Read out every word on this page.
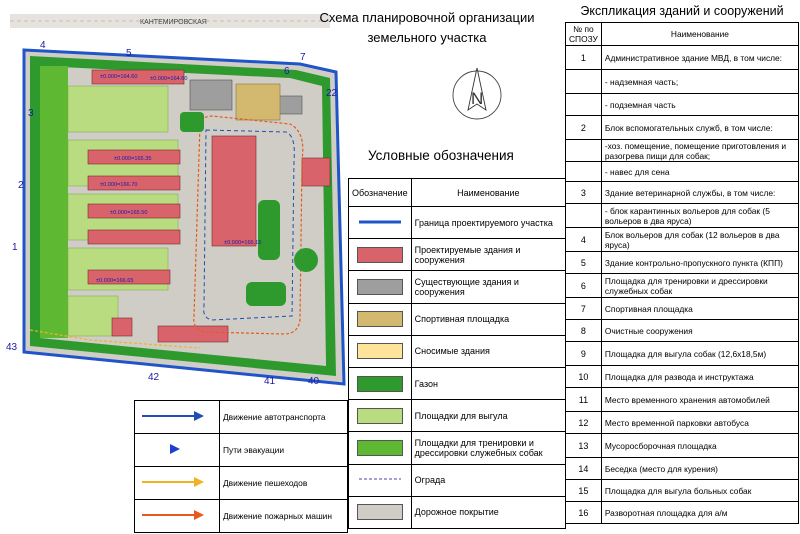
КАНТЕМИРОВСКАЯ
±0.000=164.60
±0.000=164.60
±0.000=165.35
±0.000=165.50
±0.000=166.15
±0.000=166.65
±0.000=166.70
1
2
3
4
5
6
7
22
40
41
42
43
N
Схема планировочной организации
земельного участка
Условные обозначения
Обозначение	Наименование
	Граница проектируемого участка
	Проектируемые здания и сооружения
	Существующие здания и сооружения
	Спортивная площадка
	Сносимые здания
	Газон
	Площадки для выгула
	Площадки для тренировки и дрессировки служебных собак
	Ограда
	Дорожное покрытие
	Движение автотранспорта
	Пути эвакуации
	Движение пешеходов
	Движение пожарных машин
Экспликация зданий и сооружений
№ по СПОЗУ	Наименование
1	Административное здание МВД, в том числе:
	- надземная часть;
	- подземная часть
2	Блок вспомогательных служб, в том числе:
	-хоз. помещение, помещение приготовления и разогрева пищи для собак;
	- навес для сена
3	Здание ветеринарной службы, в том числе:
	- блок карантинных вольеров для собак (5 вольеров в два яруса)
4	Блок вольеров для собак (12 вольеров в два яруса)
5	Здание контрольно-пропускного пункта (КПП)
6	Площадка для тренировки и дрессировки служебных собак
7	Спортивная площадка
8	Очистные сооружения
9	Площадка для выгула собак (12,6х18,5м)
10	Площадка для развода и инструктажа
11	Место временного хранения автомобилей
12	Место временной парковки автобуса
13	Мусоросборочная площадка
14	Беседка (место для курения)
15	Площадка для выгула больных собак
16	Разворотная площадка для а/м
